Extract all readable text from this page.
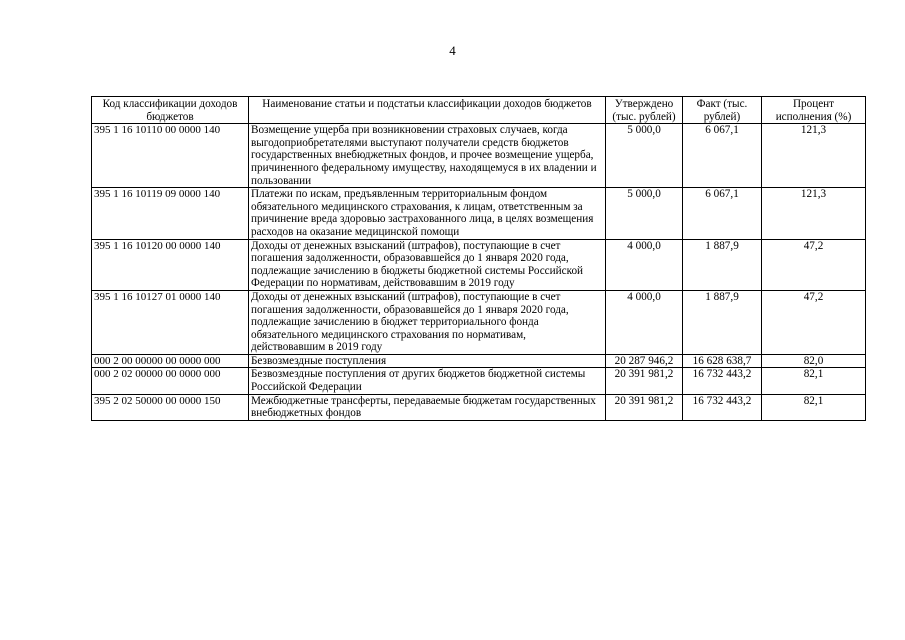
4
Код классификации доходов бюджетов	Наименование статьи и подстатьи классификации доходов бюджетов	Утверждено (тыс. рублей)	Факт (тыс. рублей)	Процент исполнения (%)
395 1 16 10110 00 0000 140	Возмещение ущерба при возникновении страховых случаев, когда выгодоприобретателями выступают получатели средств бюджетов государственных внебюджетных фондов, и прочее возмещение ущерба, причиненного федеральному имуществу, находящемуся в их владении и пользовании	5 000,0	6 067,1	121,3
395 1 16 10119 09 0000 140	Платежи по искам, предъявленным территориальным фондом обязательного медицинского страхования, к лицам, ответственным за причинение вреда здоровью застрахованного лица, в целях возмещения расходов на оказание медицинской помощи	5 000,0	6 067,1	121,3
395 1 16 10120 00 0000 140	Доходы от денежных взысканий (штрафов), поступающие в счет погашения задолженности, образовавшейся до 1 января 2020 года, подлежащие зачислению в бюджеты бюджетной системы Российской Федерации по нормативам, действовавшим в 2019 году	4 000,0	1 887,9	47,2
395 1 16 10127 01 0000 140	Доходы от денежных взысканий (штрафов), поступающие в счет погашения задолженности, образовавшейся до 1 января 2020 года, подлежащие зачислению в бюджет территориального фонда обязательного медицинского страхования по нормативам, действовавшим в 2019 году	4 000,0	1 887,9	47,2
000 2 00 00000 00 0000 000	Безвозмездные поступления	20 287 946,2	16 628 638,7	82,0
000 2 02 00000 00 0000 000	Безвозмездные поступления от других бюджетов бюджетной системы Российской Федерации	20 391 981,2	16 732 443,2	82,1
395 2 02 50000 00 0000 150	Межбюджетные трансферты, передаваемые бюджетам государственных внебюджетных фондов	20 391 981,2	16 732 443,2	82,1
